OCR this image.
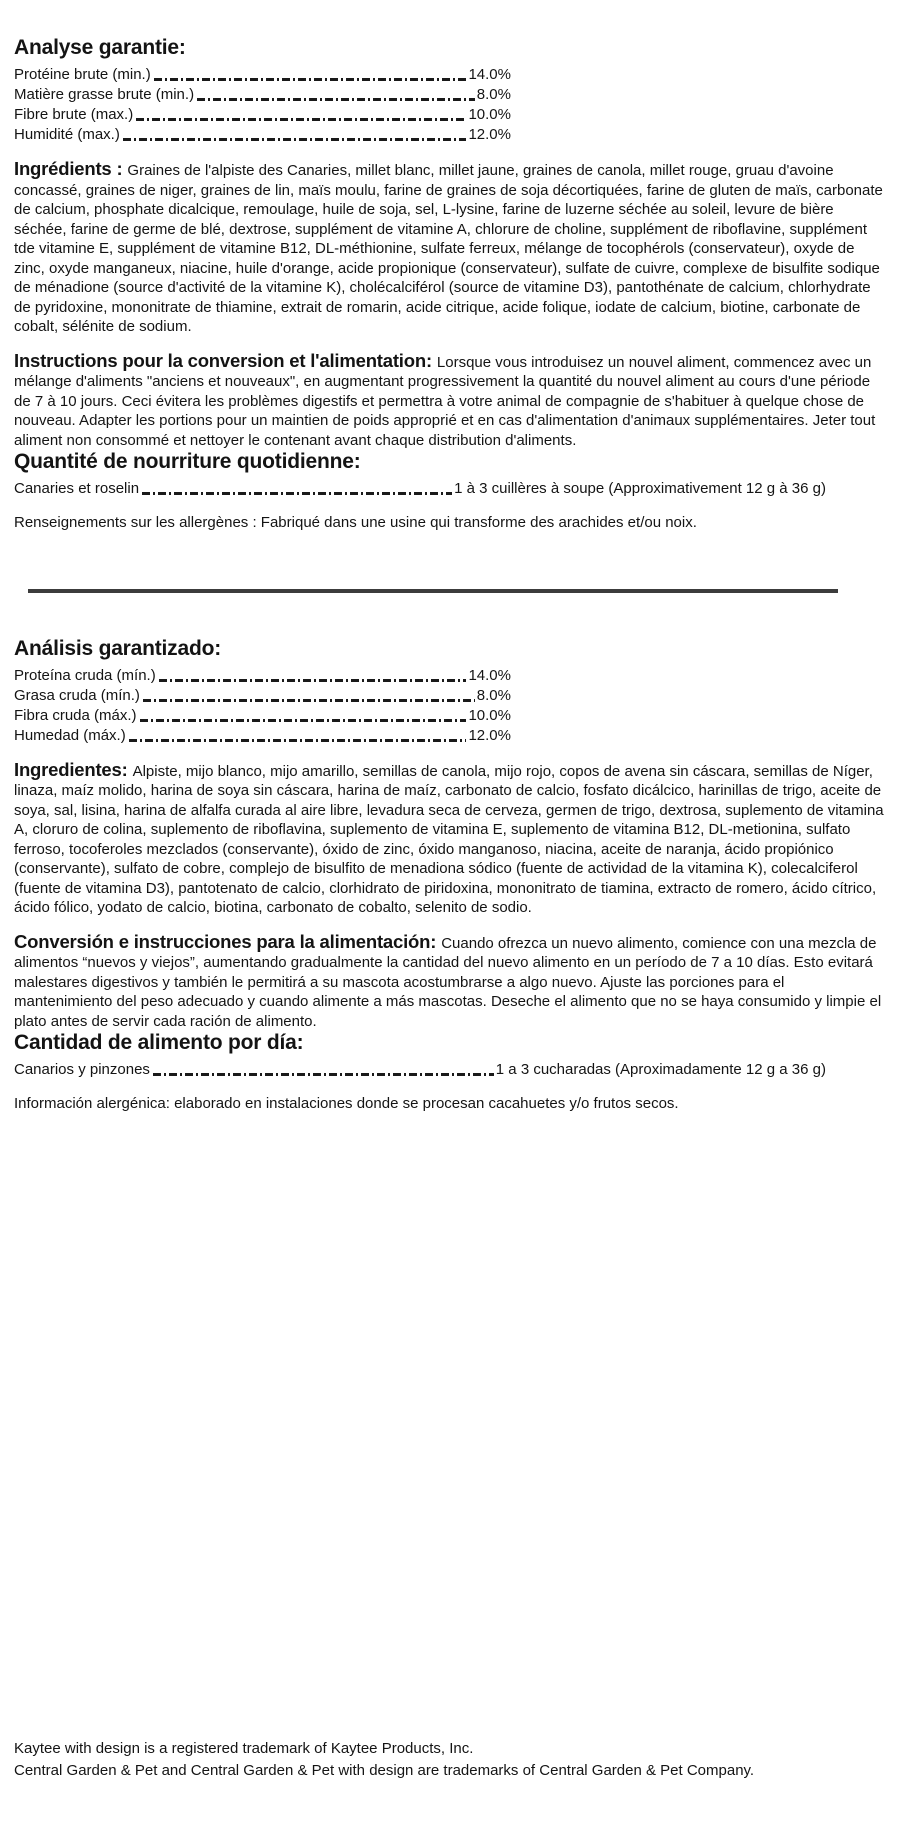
Analyse garantie:
Protéine brute (min.)	14.0%
Matière grasse brute (min.)	8.0%
Fibre brute (max.)	10.0%
Humidité (max.)	12.0%

Ingrédients : Graines de l'alpiste des Canaries, millet blanc, millet jaune, graines de canola, millet rouge, gruau d'avoine concassé, graines de niger, graines de lin, maïs moulu, farine de graines de soja décortiquées, farine de gluten de maïs, carbonate de calcium, phosphate dicalcique, remoulage, huile de soja, sel, L-lysine, farine de luzerne séchée au soleil, levure de bière séchée, farine de germe de blé, dextrose, supplément de vitamine A, chlorure de choline, supplément de riboflavine, supplément tde vitamine E, supplément de vitamine B12, DL-méthionine, sulfate ferreux, mélange de tocophérols (conservateur), oxyde de zinc, oxyde manganeux, niacine, huile d'orange, acide propionique (conservateur), sulfate de cuivre, complexe de bisulfite sodique de ménadione (source d'activité de la vitamine K), cholécalciférol (source de vitamine D3), pantothénate de calcium, chlorhydrate de pyridoxine, mononitrate de thiamine, extrait de romarin, acide citrique, acide folique, iodate de calcium, biotine, carbonate de cobalt, sélénite de sodium.

Instructions pour la conversion et l'alimentation: Lorsque vous introduisez un nouvel aliment, commencez avec un mélange d'aliments "anciens et nouveaux", en augmentant progressivement la quantité du nouvel aliment au cours d'une période de 7 à 10 jours. Ceci évitera les problèmes digestifs et permettra à votre animal de compagnie de s'habituer à quelque chose de nouveau. Adapter les portions pour un maintien de poids approprié et en cas d'alimentation d'animaux supplémentaires. Jeter tout aliment non consommé et nettoyer le contenant avant chaque distribution d'aliments.

Quantité de nourriture quotidienne:
Canaries et roselin	1 à 3 cuillères à soupe (Approximativement 12 g à 36 g)

Renseignements sur les allergènes : Fabriqué dans une usine qui transforme des arachides et/ou noix.

Análisis garantizado:
Proteína cruda (mín.)	14.0%
Grasa cruda (mín.)	8.0%
Fibra cruda (máx.)	10.0%
Humedad (máx.)	12.0%

Ingredientes: Alpiste, mijo blanco, mijo amarillo, semillas de canola, mijo rojo, copos de avena sin cáscara, semillas de Níger, linaza, maíz molido, harina de soya sin cáscara, harina de maíz, carbonato de calcio, fosfato dicálcico, harinillas de trigo, aceite de soya, sal, lisina, harina de alfalfa curada al aire libre, levadura seca de cerveza, germen de trigo, dextrosa, suplemento de vitamina A, cloruro de colina, suplemento de riboflavina, suplemento de vitamina E, suplemento de vitamina B12, DL-metionina, sulfato ferroso, tocoferoles mezclados (conservante), óxido de zinc, óxido manganoso, niacina, aceite de naranja, ácido propiónico (conservante), sulfato de cobre, complejo de bisulfito de menadiona sódico (fuente de actividad de la vitamina K), colecalciferol (fuente de vitamina D3), pantotenato de calcio, clorhidrato de piridoxina, mononitrato de tiamina, extracto de romero, ácido cítrico, ácido fólico, yodato de calcio, biotina, carbonato de cobalto, selenito de sodio.

Conversión e instrucciones para la alimentación: Cuando ofrezca un nuevo alimento, comience con una mezcla de alimentos “nuevos y viejos”, aumentando gradualmente la cantidad del nuevo alimento en un período de 7 a 10 días. Esto evitará malestares digestivos y también le permitirá a su mascota acostumbrarse a algo nuevo. Ajuste las porciones para el mantenimiento del peso adecuado y cuando alimente a más mascotas. Deseche el alimento que no se haya consumido y limpie el plato antes de servir cada ración de alimento.

Cantidad de alimento por día:
Canarios y pinzones	1 a 3 cucharadas (Aproximadamente 12 g a 36 g)

Información alergénica: elaborado en instalaciones donde se procesan cacahuetes y/o frutos secos.

Kaytee with design is a registered trademark of Kaytee Products, Inc.

Central Garden & Pet and Central Garden & Pet with design are trademarks of Central Garden & Pet Company.
